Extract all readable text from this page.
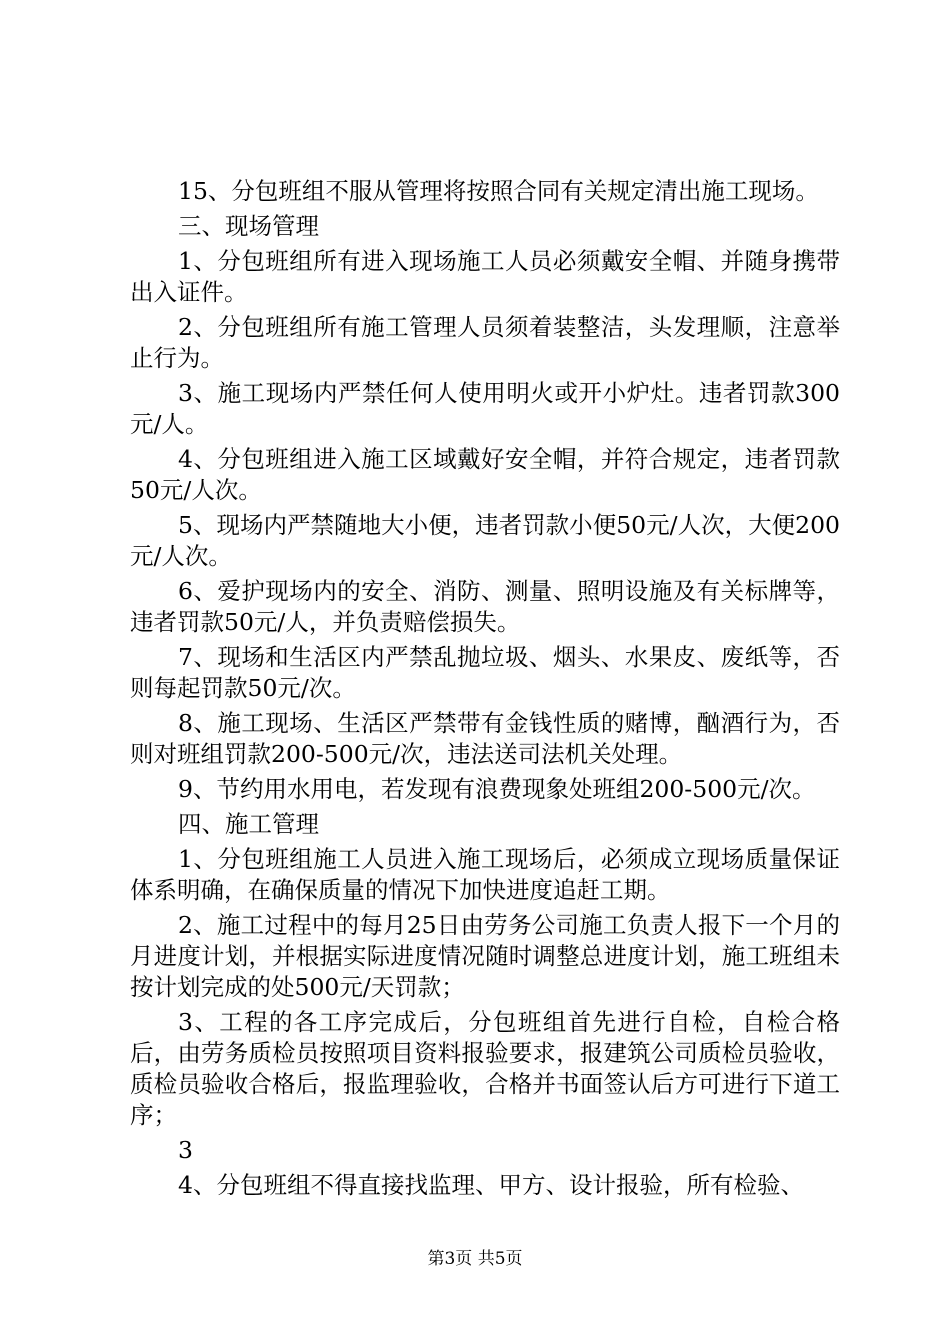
15、分包班组不服从管理将按照合同有关规定清出施工现场。

三、现场管理

1、分包班组所有进入现场施工人员必须戴安全帽、并随身携带出入证件。

2、分包班组所有施工管理人员须着装整洁，头发理顺，注意举止行为。

3、施工现场内严禁任何人使用明火或开小炉灶。违者罚款300元/人。

4、分包班组进入施工区域戴好安全帽，并符合规定，违者罚款50元/人次。

5、现场内严禁随地大小便，违者罚款小便50元/人次，大便200元/人次。

6、爱护现场内的安全、消防、测量、照明设施及有关标牌等，违者罚款50元/人，并负责赔偿损失。

7、现场和生活区内严禁乱抛垃圾、烟头、水果皮、废纸等，否则每起罚款50元/次。

8、施工现场、生活区严禁带有金钱性质的赌博，酗酒行为，否则对班组罚款200-500元/次，违法送司法机关处理。

9、节约用水用电，若发现有浪费现象处班组200-500元/次。

四、施工管理

1、分包班组施工人员进入施工现场后，必须成立现场质量保证体系明确，在确保质量的情况下加快进度追赶工期。

2、施工过程中的每月25日由劳务公司施工负责人报下一个月的月进度计划，并根据实际进度情况随时调整总进度计划，施工班组未按计划完成的处500元/天罚款；

3、工程的各工序完成后，分包班组首先进行自检，自检合格后，由劳务质检员按照项目资料报验要求，报建筑公司质检员验收，质检员验收合格后，报监理验收，合格并书面签认后方可进行下道工序；

3

4、分包班组不得直接找监理、甲方、设计报验，所有检验、

第3页 共5页
